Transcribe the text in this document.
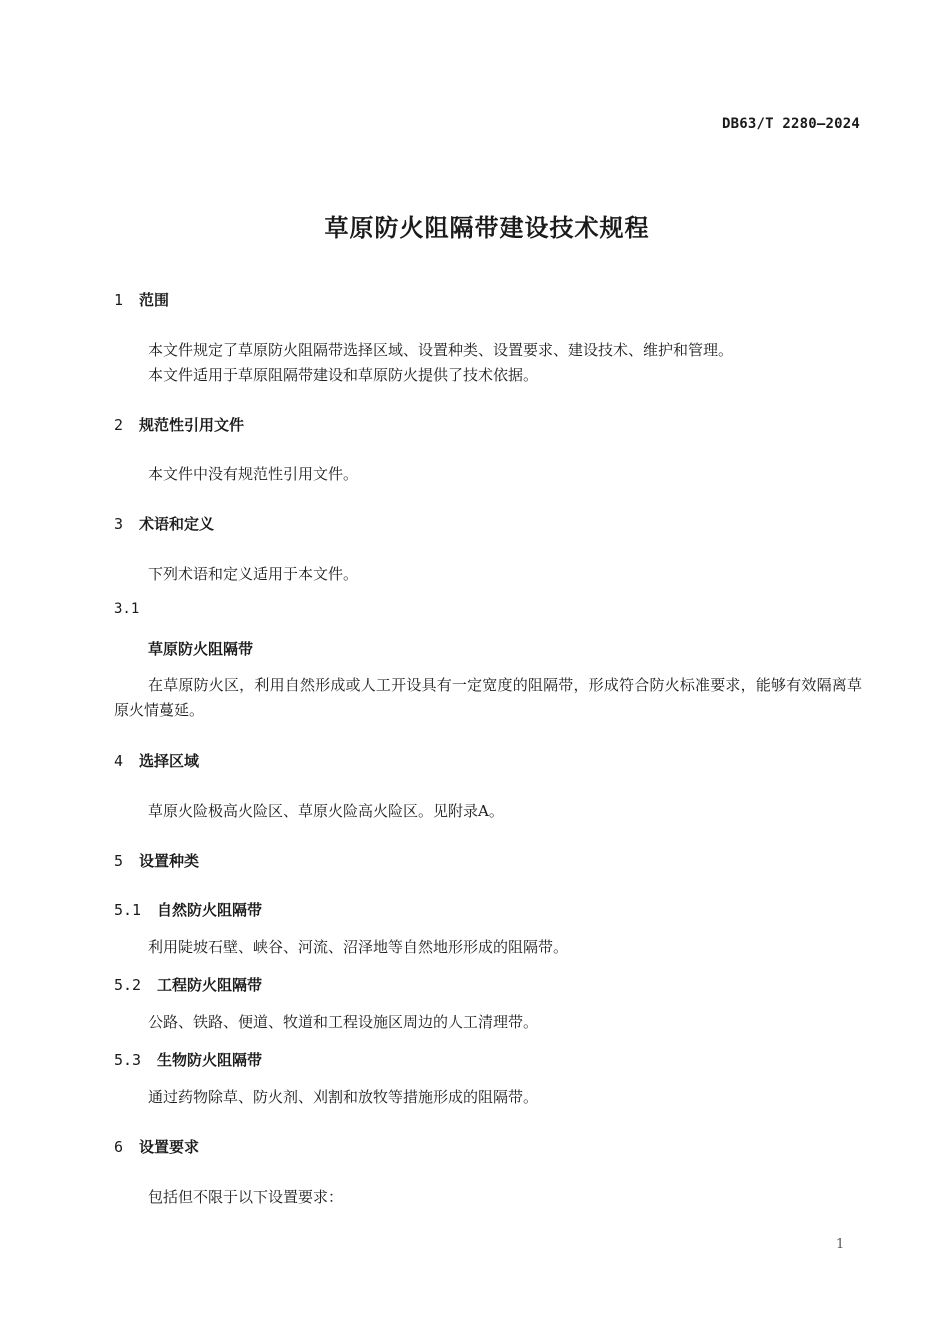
DB63/T 2280—2024
草原防火阻隔带建设技术规程
1 范围
本文件规定了草原防火阻隔带选择区域、设置种类、设置要求、建设技术、维护和管理。
本文件适用于草原阻隔带建设和草原防火提供了技术依据。
2 规范性引用文件
本文件中没有规范性引用文件。
3 术语和定义
下列术语和定义适用于本文件。
3.1
草原防火阻隔带
在草原防火区，利用自然形成或人工开设具有一定宽度的阻隔带，形成符合防火标准要求，能够有效隔离草原火情蔓延。
4 选择区域
草原火险极高火险区、草原火险高火险区。见附录A。
5 设置种类
5.1 自然防火阻隔带
利用陡坡石壁、峡谷、河流、沼泽地等自然地形形成的阻隔带。
5.2 工程防火阻隔带
公路、铁路、便道、牧道和工程设施区周边的人工清理带。
5.3 生物防火阻隔带
通过药物除草、防火剂、刈割和放牧等措施形成的阻隔带。
6 设置要求
包括但不限于以下设置要求：
1
